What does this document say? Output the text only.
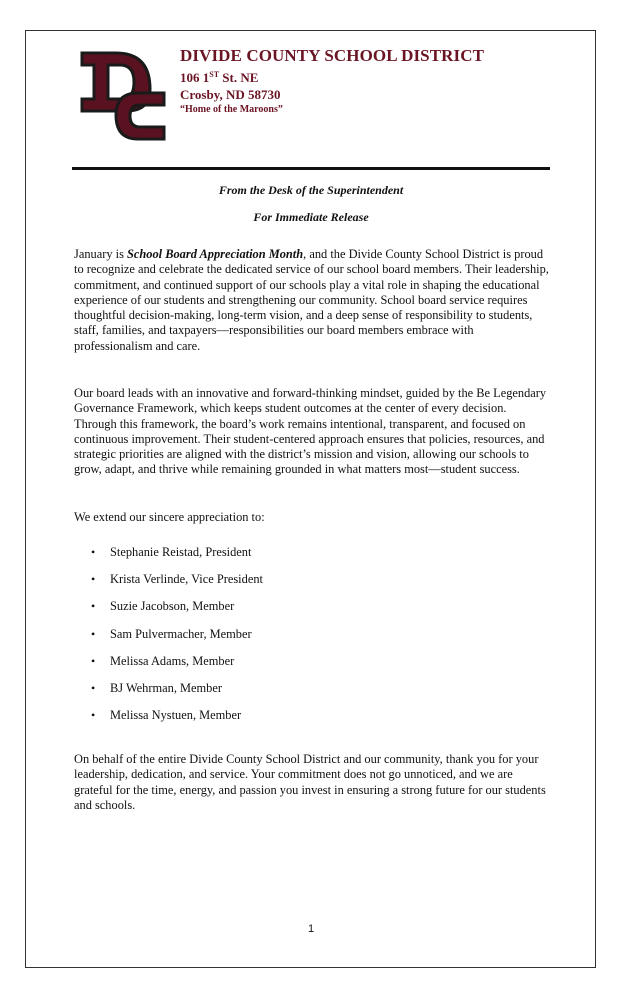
DIVIDE COUNTY SCHOOL DISTRICT
106 1ST St. NE
Crosby, ND 58730
“Home of the Maroons”
From the Desk of the Superintendent
For Immediate Release
January is School Board Appreciation Month, and the Divide County School District is proud to recognize and celebrate the dedicated service of our school board members. Their leadership, commitment, and continued support of our schools play a vital role in shaping the educational experience of our students and strengthening our community. School board service requires thoughtful decision-making, long-term vision, and a deep sense of responsibility to students, staff, families, and taxpayers—responsibilities our board members embrace with professionalism and care.
Our board leads with an innovative and forward-thinking mindset, guided by the Be Legendary Governance Framework, which keeps student outcomes at the center of every decision. Through this framework, the board’s work remains intentional, transparent, and focused on continuous improvement. Their student-centered approach ensures that policies, resources, and strategic priorities are aligned with the district’s mission and vision, allowing our schools to grow, adapt, and thrive while remaining grounded in what matters most—student success.
We extend our sincere appreciation to:
• Stephanie Reistad, President
• Krista Verlinde, Vice President
• Suzie Jacobson, Member
• Sam Pulvermacher, Member
• Melissa Adams, Member
• BJ Wehrman, Member
• Melissa Nystuen, Member
On behalf of the entire Divide County School District and our community, thank you for your leadership, dedication, and service. Your commitment does not go unnoticed, and we are grateful for the time, energy, and passion you invest in ensuring a strong future for our students and schools.
1
